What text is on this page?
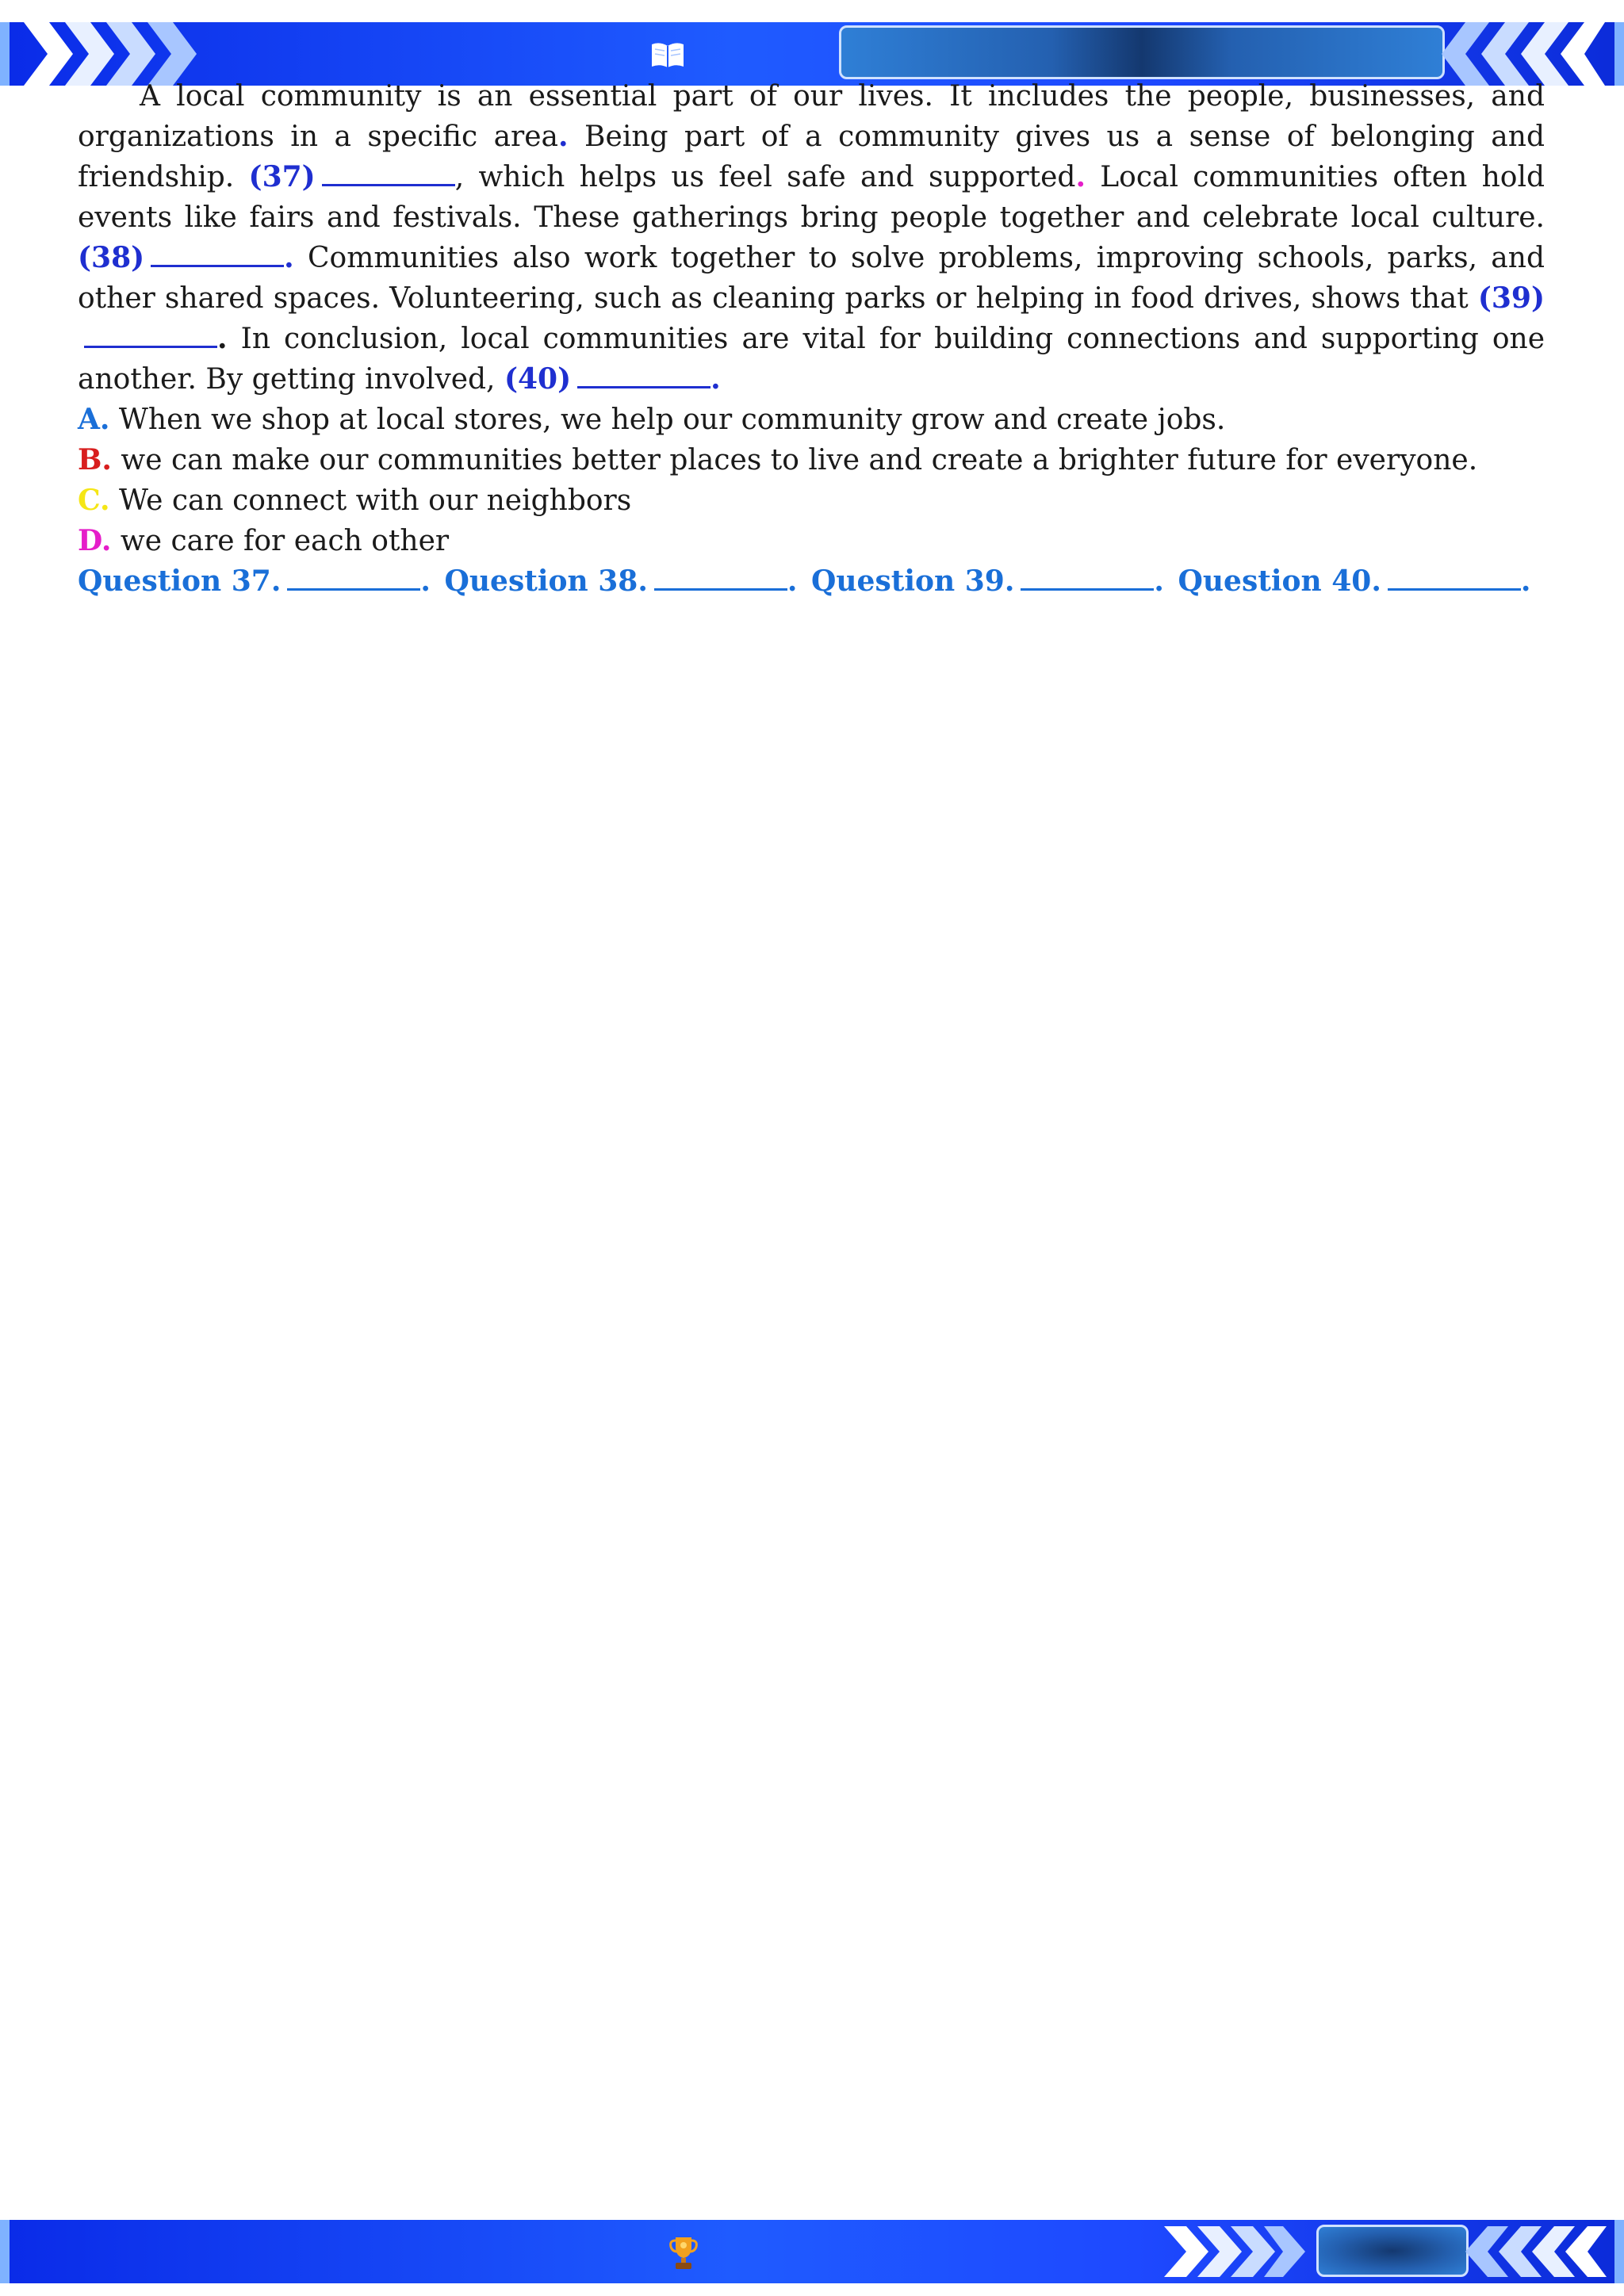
A local community is an essential part of our lives. It includes the people, businesses, and organizations in a specific area. Being part of a community gives us a sense of belonging and friendship. (37)	, which helps us feel safe and supported. Local communities often hold events like fairs and festivals. These gatherings bring people together and celebrate local culture. (38)	. Communities also work together to solve problems, improving schools, parks, and other shared spaces. Volunteering, such as cleaning parks or helping in food drives, shows that (39). In conclusion, local communities are vital for building connections and supporting one another. By getting involved, (40)	.

A. When we shop at local stores, we help our community grow and create jobs.

B. we can make our communities better places to live and create a brighter future for everyone.

C. We can connect with our neighbors

D. we care for each other

Question 37.	. Question 38.	. Question 39.	. Question 40.	.
